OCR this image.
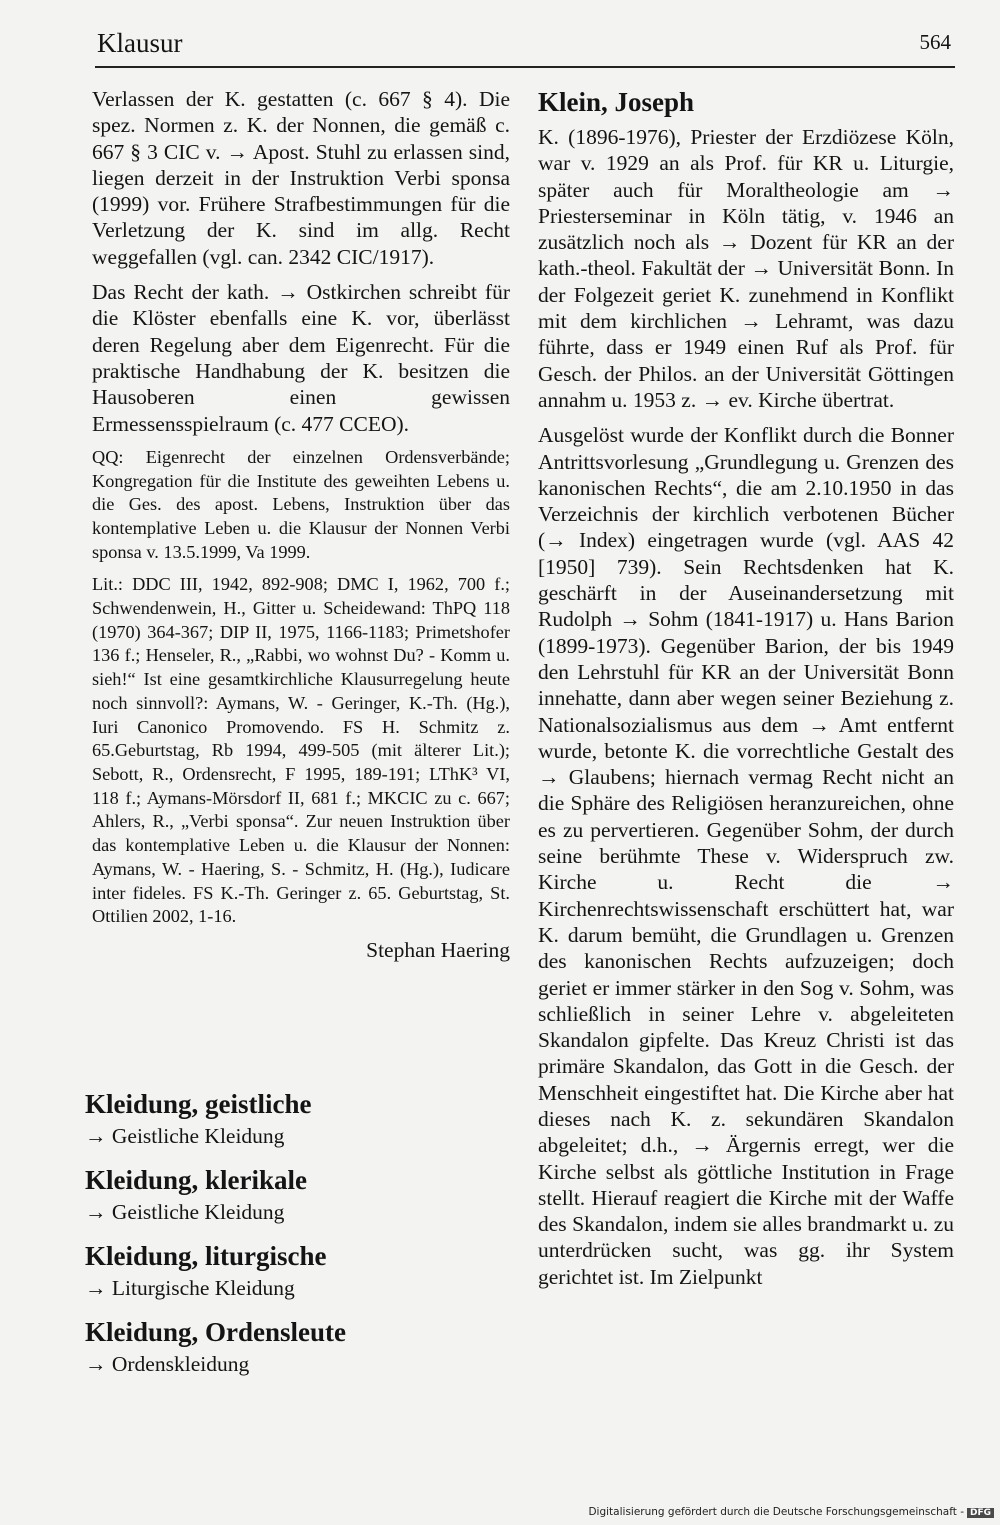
Klausur	564

Verlassen der K. gestatten (c. 667 § 4). Die spez. Normen z. K. der Nonnen, die gemäß c. 667 § 3 CIC v. → Apost. Stuhl zu erlassen sind, liegen derzeit in der Instruktion Verbi sponsa (1999) vor. Frühere Strafbestimmungen für die Verletzung der K. sind im allg. Recht weggefallen (vgl. can. 2342 CIC/1917).

Das Recht der kath. → Ostkirchen schreibt für die Klöster ebenfalls eine K. vor, überlässt deren Regelung aber dem Eigenrecht. Für die praktische Handhabung der K. besitzen die Hausoberen einen gewissen Ermessensspielraum (c. 477 CCEO).

QQ: Eigenrecht der einzelnen Ordensverbände; Kongregation für die Institute des geweihten Lebens u. die Ges. des apost. Lebens, Instruktion über das kontemplative Leben u. die Klausur der Nonnen Verbi sponsa v. 13.5.1999, Va 1999.

Lit.: DDC III, 1942, 892-908; DMC I, 1962, 700 f.; Schwendenwein, H., Gitter u. Scheidewand: ThPQ 118 (1970) 364-367; DIP II, 1975, 1166-1183; Primetshofer 136 f.; Henseler, R., „Rabbi, wo wohnst Du? - Komm u. sieh!“ Ist eine gesamtkirchliche Klausurregelung heute noch sinnvoll?: Aymans, W. - Geringer, K.-Th. (Hg.), Iuri Canonico Promovendo. FS H. Schmitz z. 65.Geburtstag, Rb 1994, 499-505 (mit älterer Lit.); Sebott, R., Ordensrecht, F 1995, 189-191; LThK³ VI, 118 f.; Aymans-Mörsdorf II, 681 f.; MKCIC zu c. 667; Ahlers, R., „Verbi sponsa“. Zur neuen Instruktion über das kontemplative Leben u. die Klausur der Nonnen: Aymans, W. - Haering, S. - Schmitz, H. (Hg.), Iudicare inter fideles. FS K.-Th. Geringer z. 65. Geburtstag, St. Ottilien 2002, 1-16.

Stephan Haering
Kleidung, geistliche
→ Geistliche Kleidung
Kleidung, klerikale
→ Geistliche Kleidung
Kleidung, liturgische
→ Liturgische Kleidung
Kleidung, Ordensleute
→ Ordenskleidung
Klein, Joseph

K. (1896-1976), Priester der Erzdiözese Köln, war v. 1929 an als Prof. für KR u. Liturgie, später auch für Moraltheologie am → Priesterseminar in Köln tätig, v. 1946 an zusätzlich noch als → Dozent für KR an der kath.-theol. Fakultät der → Universität Bonn. In der Folgezeit geriet K. zunehmend in Konflikt mit dem kirchlichen → Lehramt, was dazu führte, dass er 1949 einen Ruf als Prof. für Gesch. der Philos. an der Universität Göttingen annahm u. 1953 z. → ev. Kirche übertrat.

Ausgelöst wurde der Konflikt durch die Bonner Antrittsvorlesung „Grundlegung u. Grenzen des kanonischen Rechts“, die am 2.10.1950 in das Verzeichnis der kirchlich verbotenen Bücher (→ Index) eingetragen wurde (vgl. AAS 42 [1950] 739). Sein Rechtsdenken hat K. geschärft in der Auseinandersetzung mit Rudolph → Sohm (1841-1917) u. Hans Barion (1899-1973). Gegenüber Barion, der bis 1949 den Lehrstuhl für KR an der Universität Bonn innehatte, dann aber wegen seiner Beziehung z. Nationalsozialismus aus dem → Amt entfernt wurde, betonte K. die vorrechtliche Gestalt des → Glaubens; hiernach vermag Recht nicht an die Sphäre des Religiösen heranzureichen, ohne es zu pervertieren. Gegenüber Sohm, der durch seine berühmte These v. Widerspruch zw. Kirche u. Recht die → Kirchenrechtswissenschaft erschüttert hat, war K. darum bemüht, die Grundlagen u. Grenzen des kanonischen Rechts aufzuzeigen; doch geriet er immer stärker in den Sog v. Sohm, was schließlich in seiner Lehre v. abgeleiteten Skandalon gipfelte. Das Kreuz Christi ist das primäre Skandalon, das Gott in die Gesch. der Menschheit eingestiftet hat. Die Kirche aber hat dieses nach K. z. sekundären Skandalon abgeleitet; d.h., → Ärgernis erregt, wer die Kirche selbst als göttliche Institution in Frage stellt. Hierauf reagiert die Kirche mit der Waffe des Skandalon, indem sie alles brandmarkt u. zu unterdrücken sucht, was gg. ihr System gerichtet ist. Im Zielpunkt

Digitalisierung gefördert durch die Deutsche Forschungsgemeinschaft - DFG
